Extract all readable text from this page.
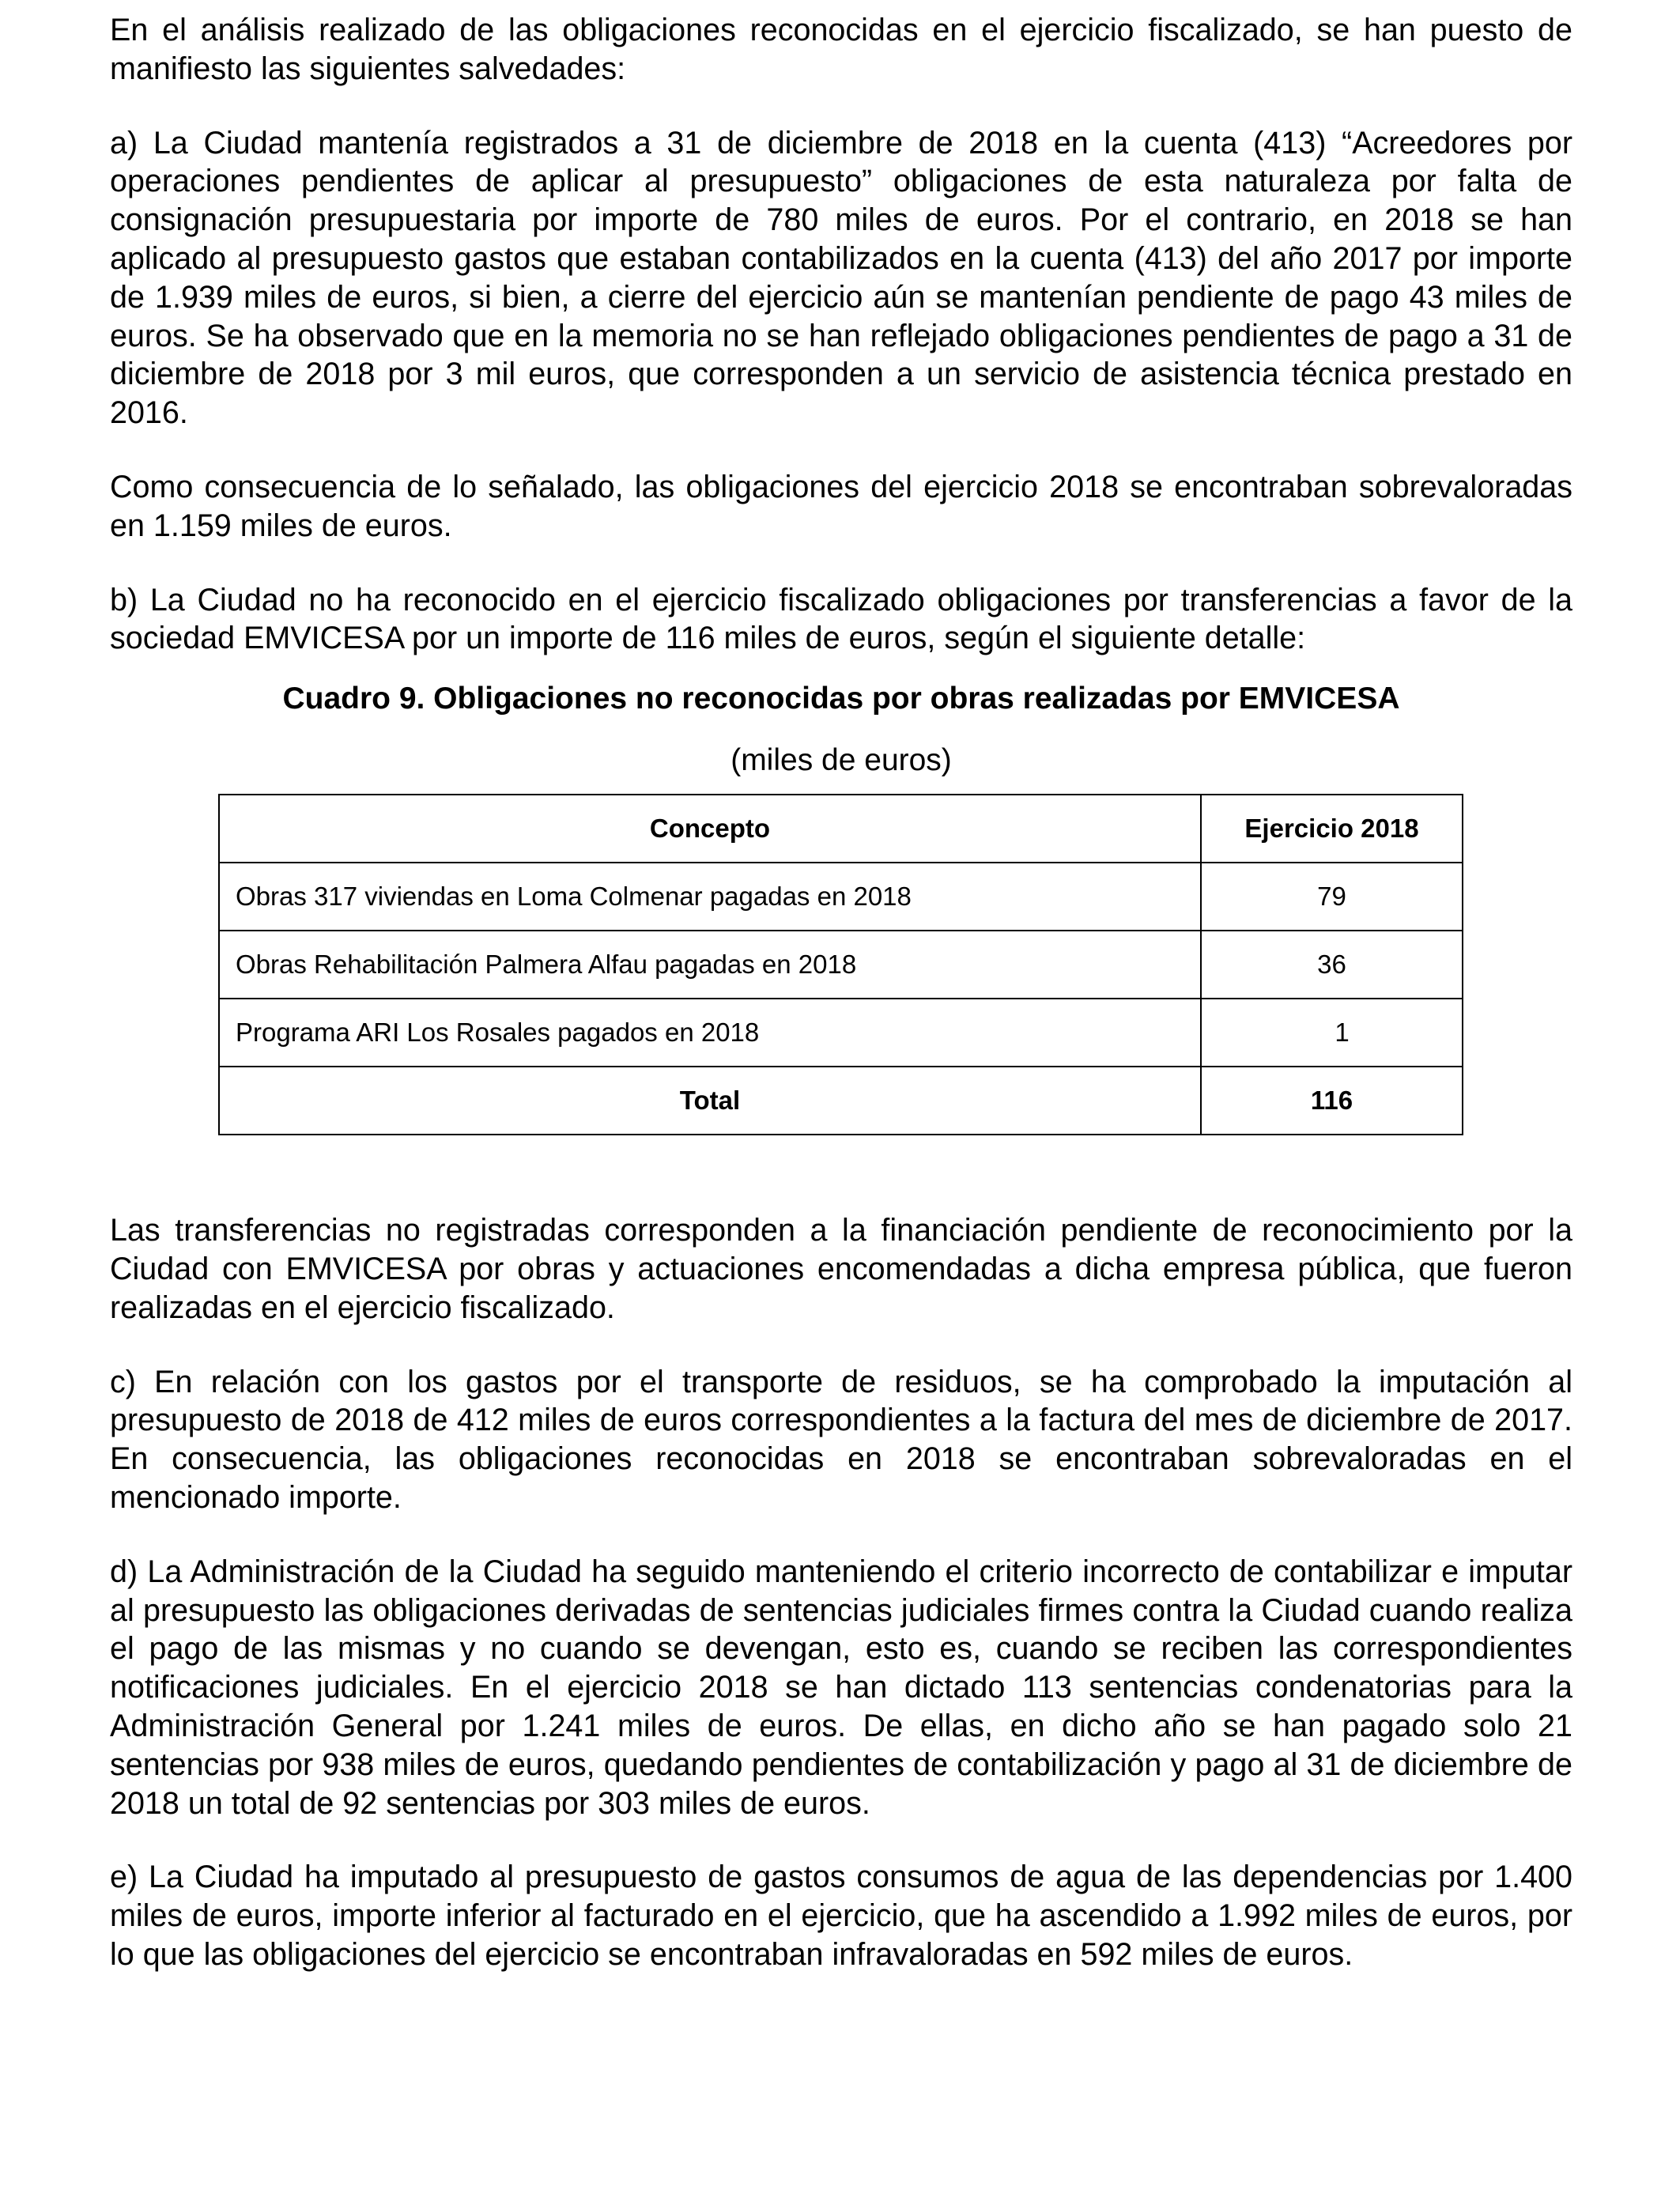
En el análisis realizado de las obligaciones reconocidas en el ejercicio fiscalizado, se han puesto de manifiesto las siguientes salvedades:

a) La Ciudad mantenía registrados a 31 de diciembre de 2018 en la cuenta (413) “Acreedores por operaciones pendientes de aplicar al presupuesto” obligaciones de esta naturaleza por falta de consignación presupuestaria por importe de 780 miles de euros. Por el contrario, en 2018 se han aplicado al presupuesto gastos que estaban contabilizados en la cuenta (413) del año 2017 por importe de 1.939 miles de euros, si bien, a cierre del ejercicio aún se mantenían pendiente de pago 43 miles de euros. Se ha observado que en la memoria no se han reflejado obligaciones pendientes de pago a 31 de diciembre de 2018 por 3 mil euros, que corresponden a un servicio de asistencia técnica prestado en 2016.

Como consecuencia de lo señalado, las obligaciones del ejercicio 2018 se encontraban sobrevaloradas en 1.159 miles de euros.

b) La Ciudad no ha reconocido en el ejercicio fiscalizado obligaciones por transferencias a favor de la sociedad EMVICESA por un importe de 116 miles de euros, según el siguiente detalle:

Cuadro 9. Obligaciones no reconocidas por obras realizadas por EMVICESA

(miles de euros)

Concepto	Ejercicio 2018
Obras 317 viviendas en Loma Colmenar pagadas en 2018	79
Obras Rehabilitación Palmera Alfau pagadas en 2018	36
Programa ARI Los Rosales pagados en 2018	1
Total	116

Las transferencias no registradas corresponden a la financiación pendiente de reconocimiento por la Ciudad con EMVICESA por obras y actuaciones encomendadas a dicha empresa pública, que fueron realizadas en el ejercicio fiscalizado.

c) En relación con los gastos por el transporte de residuos, se ha comprobado la imputación al presupuesto de 2018 de 412 miles de euros correspondientes a la factura del mes de diciembre de 2017. En consecuencia, las obligaciones reconocidas en 2018 se encontraban sobrevaloradas en el mencionado importe.

d) La Administración de la Ciudad ha seguido manteniendo el criterio incorrecto de contabilizar e imputar al presupuesto las obligaciones derivadas de sentencias judiciales firmes contra la Ciudad cuando realiza el pago de las mismas y no cuando se devengan, esto es, cuando se reciben las correspondientes notificaciones judiciales. En el ejercicio 2018 se han dictado 113 sentencias condenatorias para la Administración General por 1.241 miles de euros. De ellas, en dicho año se han pagado solo 21 sentencias por 938 miles de euros, quedando pendientes de contabilización y pago al 31 de diciembre de 2018 un total de 92 sentencias por 303 miles de euros.

e) La Ciudad ha imputado al presupuesto de gastos consumos de agua de las dependencias por 1.400 miles de euros, importe inferior al facturado en el ejercicio, que ha ascendido a 1.992 miles de euros, por lo que las obligaciones del ejercicio se encontraban infravaloradas en 592 miles de euros.
